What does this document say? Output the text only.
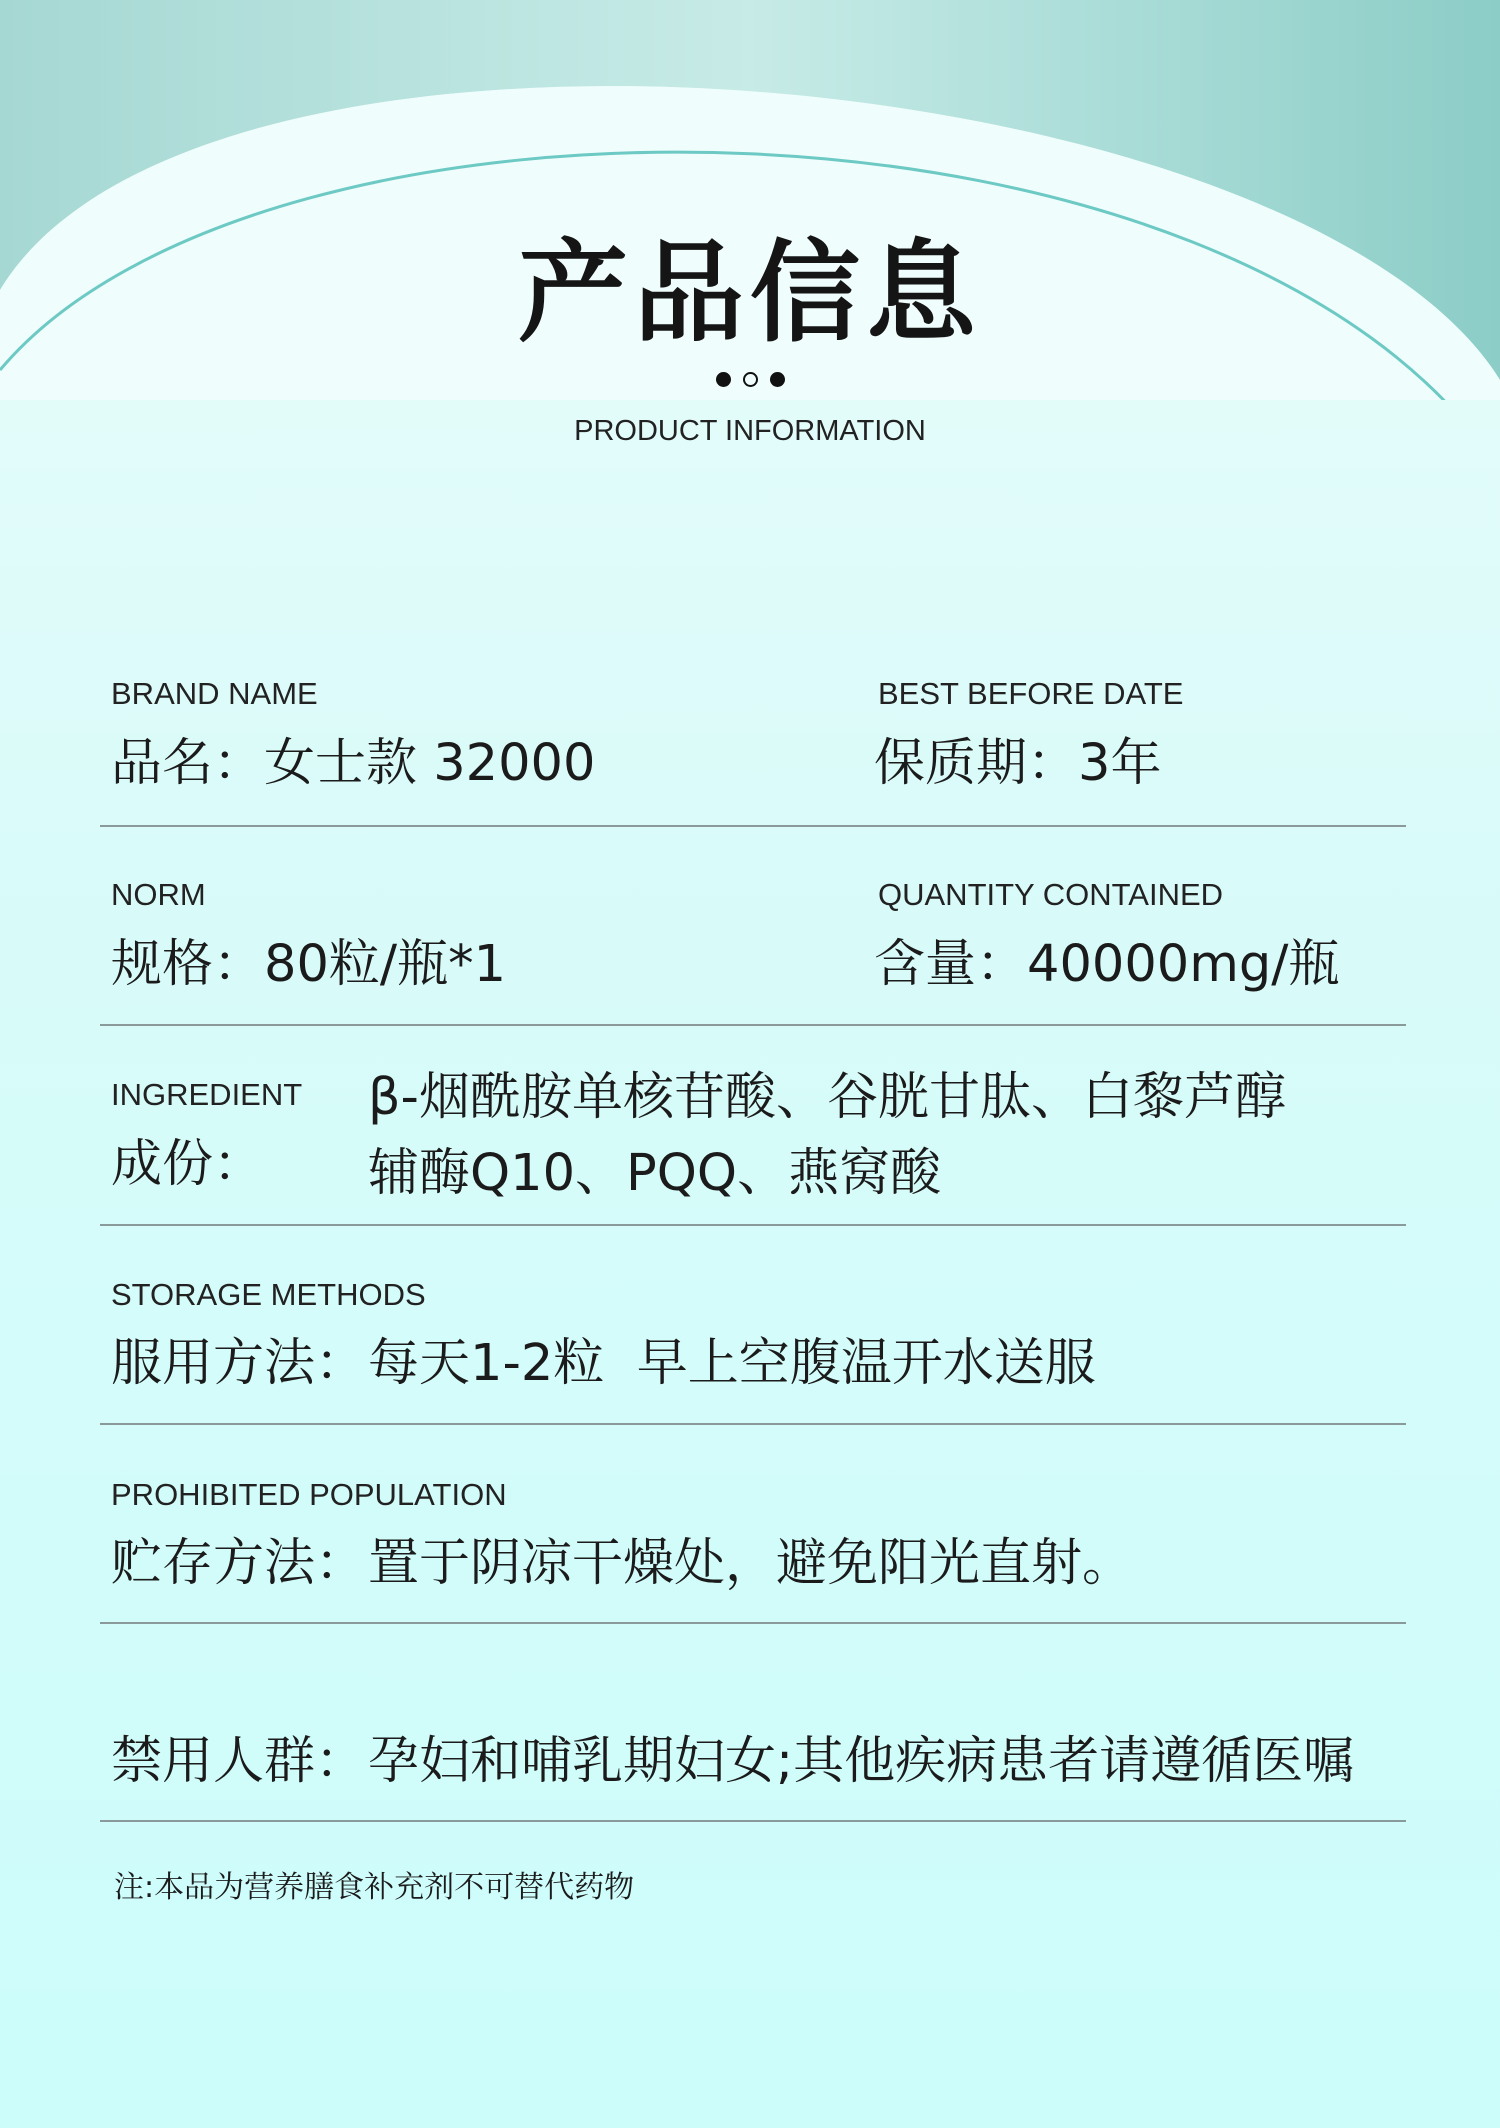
产品信息
PRODUCT INFORMATION
BRAND NAME
品名：女士款 32000
BEST BEFORE DATE
保质期：3年
NORM
规格：80粒/瓶*1
QUANTITY CONTAINED
含量：40000mg/瓶
INGREDIENT
成份：
β-烟酰胺单核苷酸、谷胱甘肽、白黎芦醇
辅酶Q10、PQQ、燕窝酸
STORAGE METHODS
服用方法： 每天1-2粒  早上空腹温开水送服
PROHIBITED POPULATION
贮存方法： 置于阴凉干燥处，避免阳光直射。
禁用人群： 孕妇和哺乳期妇女;其他疾病患者请遵循医嘱
注:本品为营养膳食补充剂不可替代药物
